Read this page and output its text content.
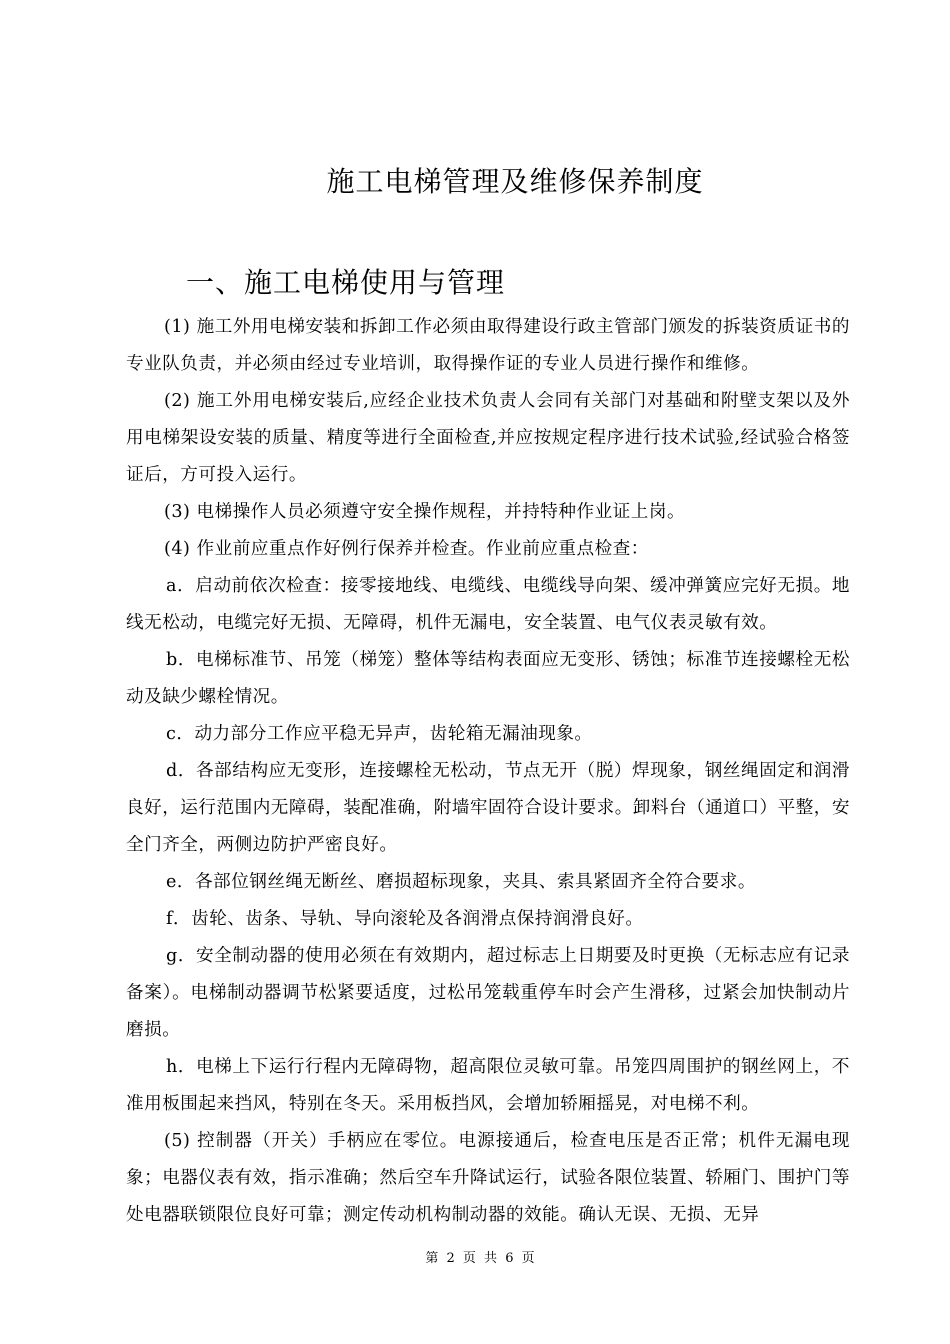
施工电梯管理及维修保养制度
一、施工电梯使用与管理

(1) 施工外用电梯安装和拆卸工作必须由取得建设行政主管部门颁发的拆装资质证书的专业队负责，并必须由经过专业培训，取得操作证的专业人员进行操作和维修。

(2) 施工外用电梯安装后,应经企业技术负责人会同有关部门对基础和附壁支架以及外用电梯架设安装的质量、精度等进行全面检查,并应按规定程序进行技术试验,经试验合格签证后，方可投入运行。

(3) 电梯操作人员必须遵守安全操作规程，并持特种作业证上岗。

(4) 作业前应重点作好例行保养并检查。作业前应重点检查：

a．启动前依次检查：接零接地线、电缆线、电缆线导向架、缓冲弹簧应完好无损。地线无松动，电缆完好无损、无障碍，机件无漏电，安全装置、电气仪表灵敏有效。

b．电梯标准节、吊笼（梯笼）整体等结构表面应无变形、锈蚀；标准节连接螺栓无松动及缺少螺栓情况。

c．动力部分工作应平稳无异声，齿轮箱无漏油现象。

d．各部结构应无变形，连接螺栓无松动，节点无开（脱）焊现象，钢丝绳固定和润滑良好，运行范围内无障碍，装配准确，附墙牢固符合设计要求。卸料台（通道口）平整，安全门齐全，两侧边防护严密良好。

e．各部位钢丝绳无断丝、磨损超标现象，夹具、索具紧固齐全符合要求。

f．齿轮、齿条、导轨、导向滚轮及各润滑点保持润滑良好。

g．安全制动器的使用必须在有效期内，超过标志上日期要及时更换（无标志应有记录备案）。电梯制动器调节松紧要适度，过松吊笼载重停车时会产生滑移，过紧会加快制动片磨损。

h．电梯上下运行行程内无障碍物，超高限位灵敏可靠。吊笼四周围护的钢丝网上，不准用板围起来挡风，特别在冬天。采用板挡风，会增加轿厢摇晃，对电梯不利。

(5) 控制器（开关）手柄应在零位。电源接通后，检查电压是否正常；机件无漏电现象；电器仪表有效，指示准确；然后空车升降试运行，试验各限位装置、轿厢门、围护门等处电器联锁限位良好可靠；测定传动机构制动器的效能。确认无误、无损、无异

第 2 页 共 6 页
